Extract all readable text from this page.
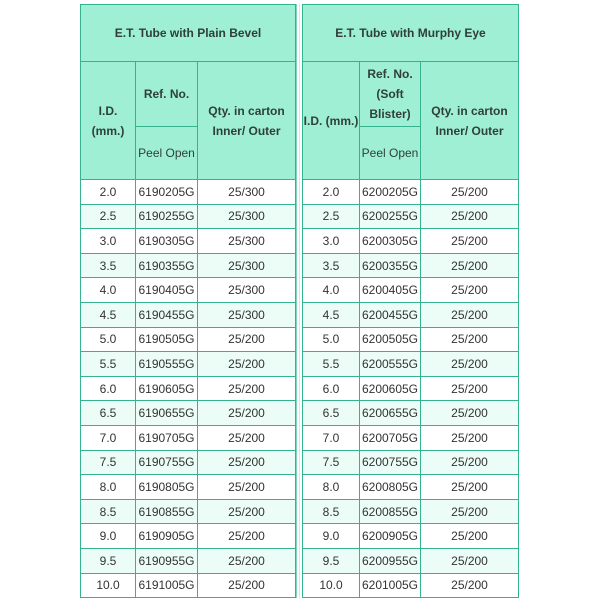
E.T. Tube with Plain Bevel		
I.D. (mm.)	Ref. No.	Qty. in carton Inner/ Outer
	Peel Open	
2.0	6190205G	25/300
2.5	6190255G	25/300
3.0	6190305G	25/300
3.5	6190355G	25/300
4.0	6190405G	25/300
4.5	6190455G	25/300
5.0	6190505G	25/200
5.5	6190555G	25/200
6.0	6190605G	25/200
6.5	6190655G	25/200
7.0	6190705G	25/200
7.5	6190755G	25/200
8.0	6190805G	25/200
8.5	6190855G	25/200
9.0	6190905G	25/200
9.5	6190955G	25/200
10.0	6191005G	25/200
E.T. Tube with Murphy Eye		
I.D. (mm.)	Ref. No. (Soft Blister)	Qty. in carton Inner/ Outer
	Peel Open	
2.0	6200205G	25/200
2.5	6200255G	25/200
3.0	6200305G	25/200
3.5	6200355G	25/200
4.0	6200405G	25/200
4.5	6200455G	25/200
5.0	6200505G	25/200
5.5	6200555G	25/200
6.0	6200605G	25/200
6.5	6200655G	25/200
7.0	6200705G	25/200
7.5	6200755G	25/200
8.0	6200805G	25/200
8.5	6200855G	25/200
9.0	6200905G	25/200
9.5	6200955G	25/200
10.0	6201005G	25/200
